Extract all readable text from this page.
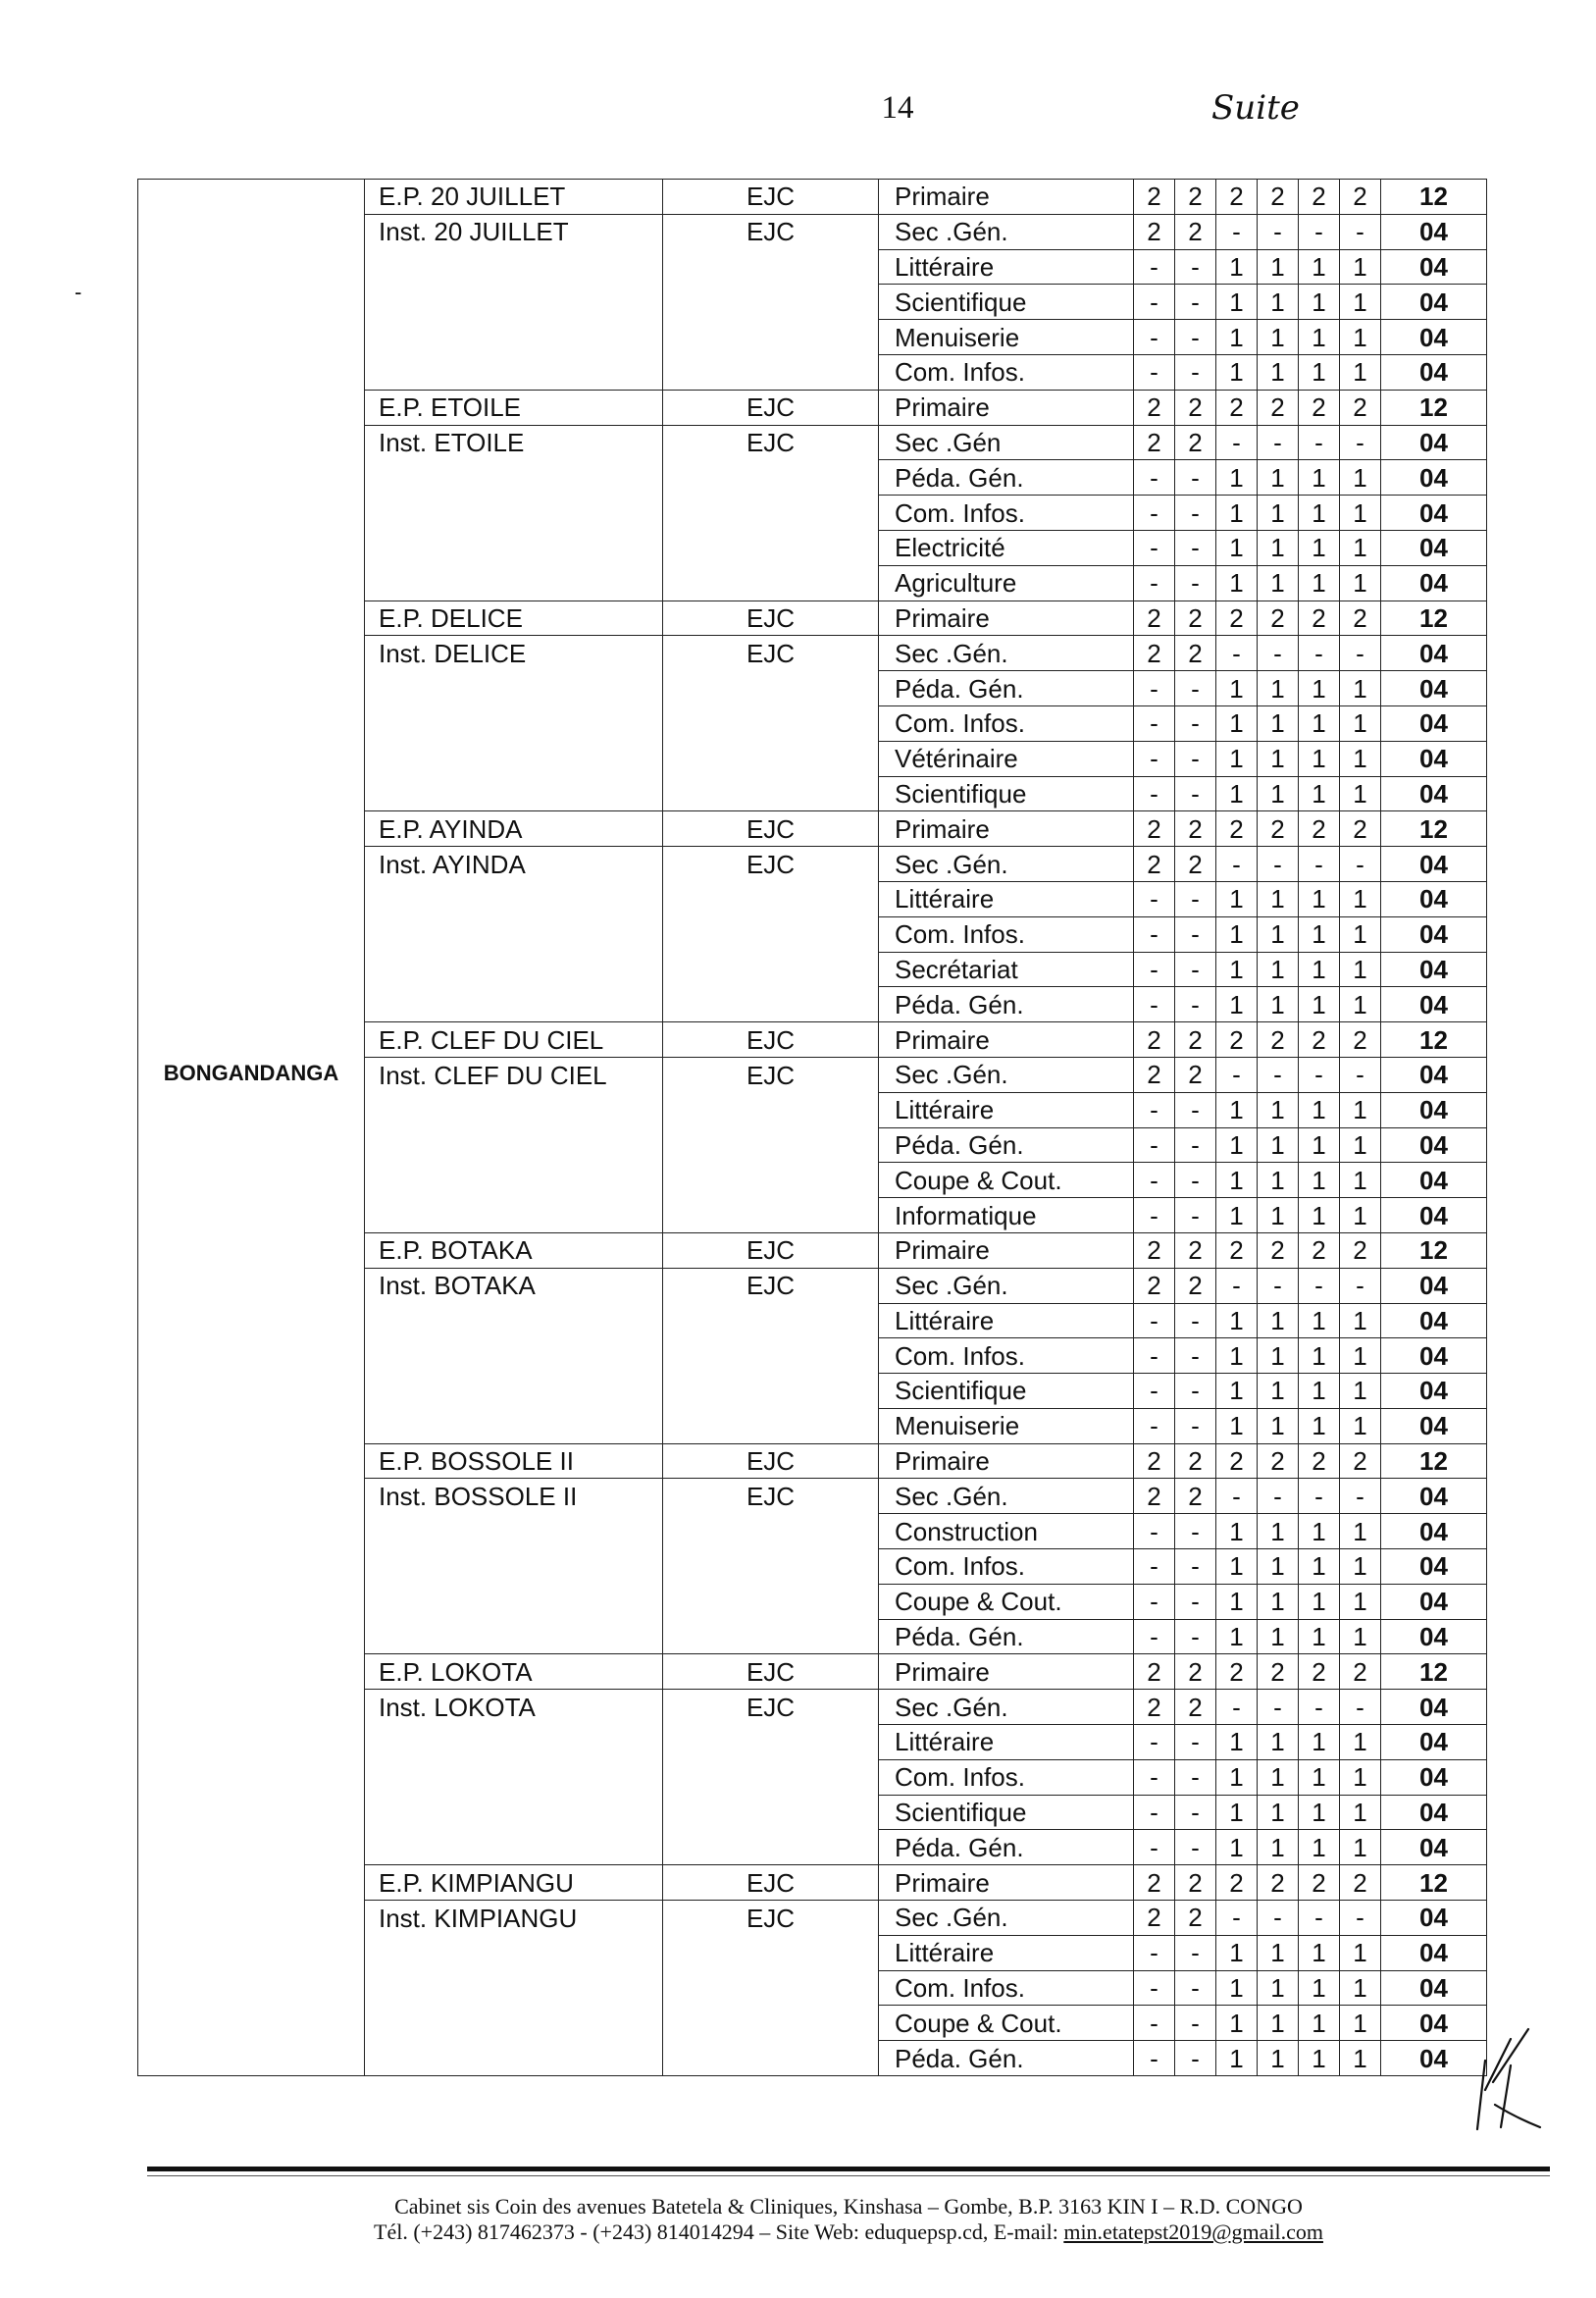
14	Suite
-
	E.P. 20 JUILLET	EJC	Primaire	2	2	2	2	2	2	12
	Inst. 20 JUILLET	EJC	Sec .Gén.	2	2	-	-	-	-	04
			Littéraire	-	-	1	1	1	1	04
			Scientifique	-	-	1	1	1	1	04
			Menuiserie	-	-	1	1	1	1	04
			Com. Infos.	-	-	1	1	1	1	04
	E.P. ETOILE	EJC	Primaire	2	2	2	2	2	2	12
	Inst. ETOILE	EJC	Sec .Gén	2	2	-	-	-	-	04
			Péda. Gén.	-	-	1	1	1	1	04
			Com. Infos.	-	-	1	1	1	1	04
			Electricité	-	-	1	1	1	1	04
			Agriculture	-	-	1	1	1	1	04
	E.P. DELICE	EJC	Primaire	2	2	2	2	2	2	12
	Inst. DELICE	EJC	Sec .Gén.	2	2	-	-	-	-	04
			Péda. Gén.	-	-	1	1	1	1	04
			Com. Infos.	-	-	1	1	1	1	04
			Vétérinaire	-	-	1	1	1	1	04
			Scientifique	-	-	1	1	1	1	04
	E.P. AYINDA	EJC	Primaire	2	2	2	2	2	2	12
	Inst. AYINDA	EJC	Sec .Gén.	2	2	-	-	-	-	04
			Littéraire	-	-	1	1	1	1	04
			Com. Infos.	-	-	1	1	1	1	04
			Secrétariat	-	-	1	1	1	1	04
			Péda. Gén.	-	-	1	1	1	1	04
	E.P. CLEF DU CIEL	EJC	Primaire	2	2	2	2	2	2	12
BONGANDANGA	Inst. CLEF DU CIEL	EJC	Sec .Gén.	2	2	-	-	-	-	04
			Littéraire	-	-	1	1	1	1	04
			Péda. Gén.	-	-	1	1	1	1	04
			Coupe & Cout.	-	-	1	1	1	1	04
			Informatique	-	-	1	1	1	1	04
	E.P. BOTAKA	EJC	Primaire	2	2	2	2	2	2	12
	Inst. BOTAKA	EJC	Sec .Gén.	2	2	-	-	-	-	04
			Littéraire	-	-	1	1	1	1	04
			Com. Infos.	-	-	1	1	1	1	04
			Scientifique	-	-	1	1	1	1	04
			Menuiserie	-	-	1	1	1	1	04
	E.P. BOSSOLE II	EJC	Primaire	2	2	2	2	2	2	12
	Inst. BOSSOLE II	EJC	Sec .Gén.	2	2	-	-	-	-	04
			Construction	-	-	1	1	1	1	04
			Com. Infos.	-	-	1	1	1	1	04
			Coupe & Cout.	-	-	1	1	1	1	04
			Péda. Gén.	-	-	1	1	1	1	04
	E.P. LOKOTA	EJC	Primaire	2	2	2	2	2	2	12
	Inst. LOKOTA	EJC	Sec .Gén.	2	2	-	-	-	-	04
			Littéraire	-	-	1	1	1	1	04
			Com. Infos.	-	-	1	1	1	1	04
			Scientifique	-	-	1	1	1	1	04
			Péda. Gén.	-	-	1	1	1	1	04
	E.P. KIMPIANGU	EJC	Primaire	2	2	2	2	2	2	12
	Inst. KIMPIANGU	EJC	Sec .Gén.	2	2	-	-	-	-	04
			Littéraire	-	-	1	1	1	1	04
			Com. Infos.	-	-	1	1	1	1	04
			Coupe & Cout.	-	-	1	1	1	1	04
			Péda. Gén.	-	-	1	1	1	1	04
Cabinet sis Coin des avenues Batetela & Cliniques, Kinshasa – Gombe, B.P. 3163 KIN I – R.D. CONGO
Tél. (+243) 817462373 - (+243) 814014294 – Site Web: eduquepsp.cd, E-mail: min.etatepst2019@gmail.com
